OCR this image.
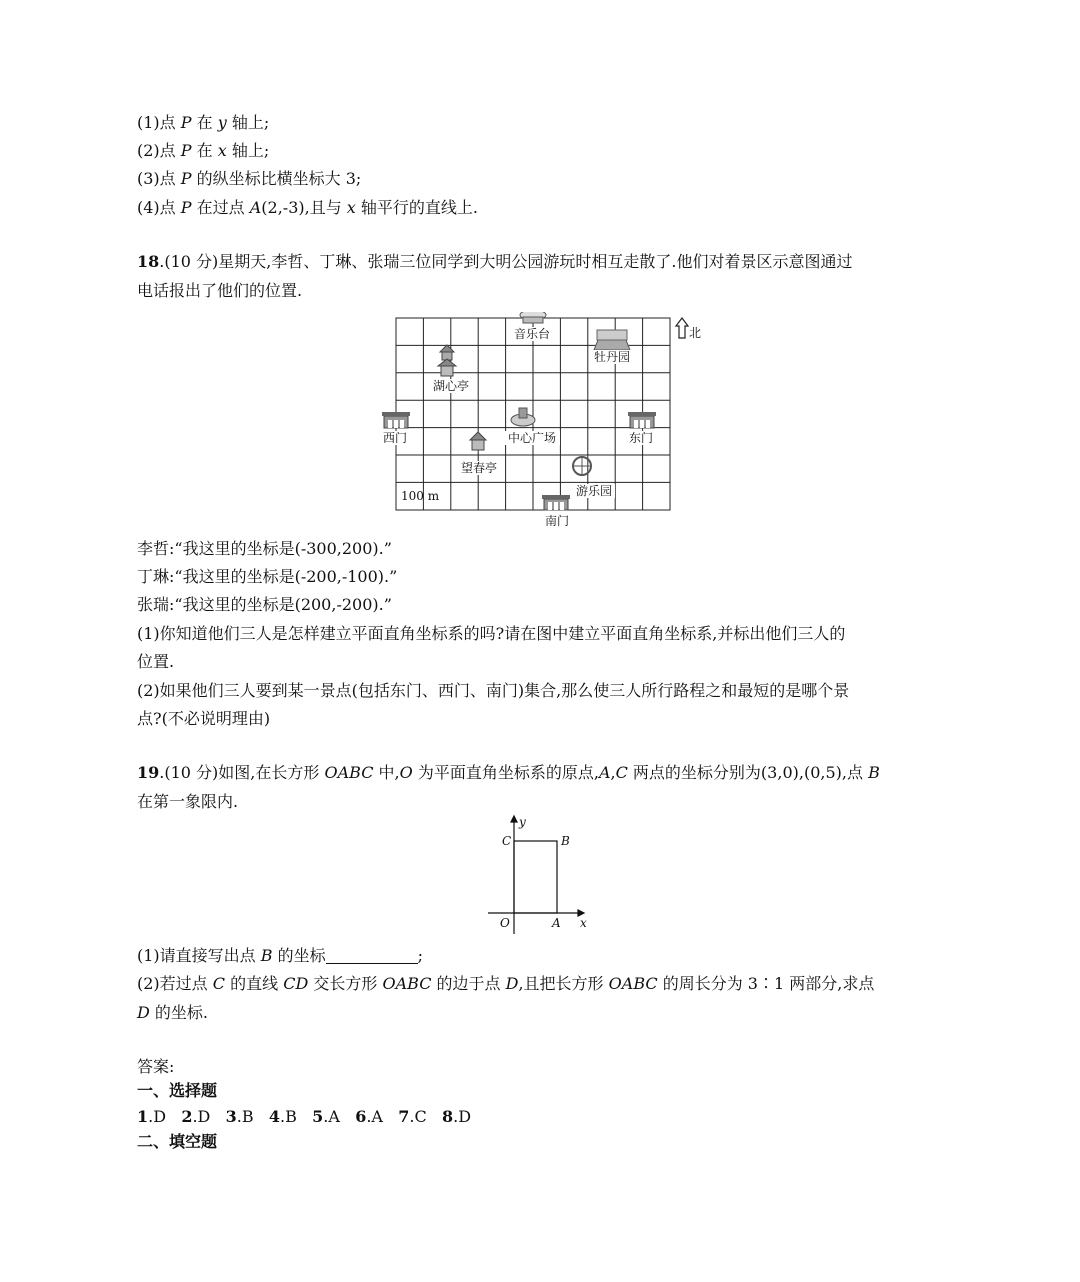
(1)点 P 在 y 轴上;
(2)点 P 在 x 轴上;
(3)点 P 的纵坐标比横坐标大 3;
(4)点 P 在过点 A(2,-3),且与 x 轴平行的直线上.
18.(10 分)星期天,李哲、丁琳、张瑞三位同学到大明公园游玩时相互走散了.他们对着景区示意图通过
电话报出了他们的位置.
音乐台
牡丹园
湖心亭
西门	中心广场	东门
望春亭
游乐园
南门
100 m
北
李哲:“我这里的坐标是(-300,200).”
丁琳:“我这里的坐标是(-200,-100).”
张瑞:“我这里的坐标是(200,-200).”
(1)你知道他们三人是怎样建立平面直角坐标系的吗?请在图中建立平面直角坐标系,并标出他们三人的
位置.
(2)如果他们三人要到某一景点(包括东门、西门、南门)集合,那么使三人所行路程之和最短的是哪个景
点?(不必说明理由)
19.(10 分)如图,在长方形 OABC 中,O 为平面直角坐标系的原点,A,C 两点的坐标分别为(3,0),(0,5),点 B
在第一象限内.
y
C	B
O	A x
(1)请直接写出点 B 的坐标	;
(2)若过点 C 的直线 CD 交长方形 OABC 的边于点 D,且把长方形 OABC 的周长分为 3∶1 两部分,求点
D 的坐标.
答案:
一、选择题
1.D 2.D 3.B 4.B 5.A 6.A 7.C 8.D
二、填空题
